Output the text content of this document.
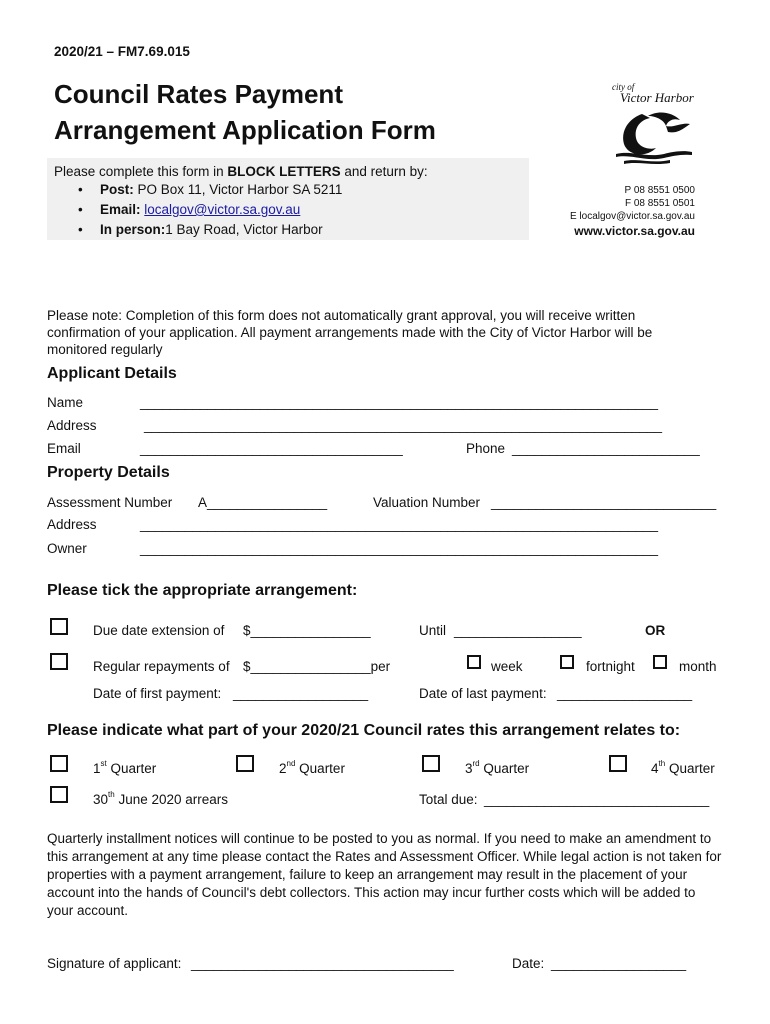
2020/21 – FM7.69.015
Council Rates Payment
Arrangement Application Form
city of
Victor Harbor
Please complete this form in BLOCK LETTERS and return by:
• Post: PO Box 11, Victor Harbor SA 5211
• Email: localgov@victor.sa.gov.au
• In person:1 Bay Road, Victor Harbor
P 08 8551 0500
F 08 8551 0501
E localgov@victor.sa.gov.au
www.victor.sa.gov.au
Please note: Completion of this form does not automatically grant approval, you will receive written confirmation of your application. All payment arrangements made with the City of Victor Harbor will be monitored regularly
Applicant Details
Name	_____________________________________________________________________
Address	_____________________________________________________________________
Email	___________________________________	Phone _________________________
Property Details
Assessment Number A________________	Valuation Number ______________________________
Address	_____________________________________________________________________
Owner	_____________________________________________________________________
Please tick the appropriate arrangement:
Due date extension of $________________	Until _________________	OR
Regular repayments of $________________per	week	fortnight	month
Date of first payment: __________________	Date of last payment: __________________
Please indicate what part of your 2020/21 Council rates this arrangement relates to:
1st Quarter	2nd Quarter	3rd Quarter	4th Quarter
30th June 2020 arrears	Total due: ______________________________
Quarterly installment notices will continue to be posted to you as normal. If you need to make an amendment to this arrangement at any time please contact the Rates and Assessment Officer. While legal action is not taken for properties with a payment arrangement, failure to keep an arrangement may result in the placement of your account into the hands of Council's debt collectors. This action may incur further costs which will be added to your account.
Signature of applicant: ___________________________________	Date: __________________
